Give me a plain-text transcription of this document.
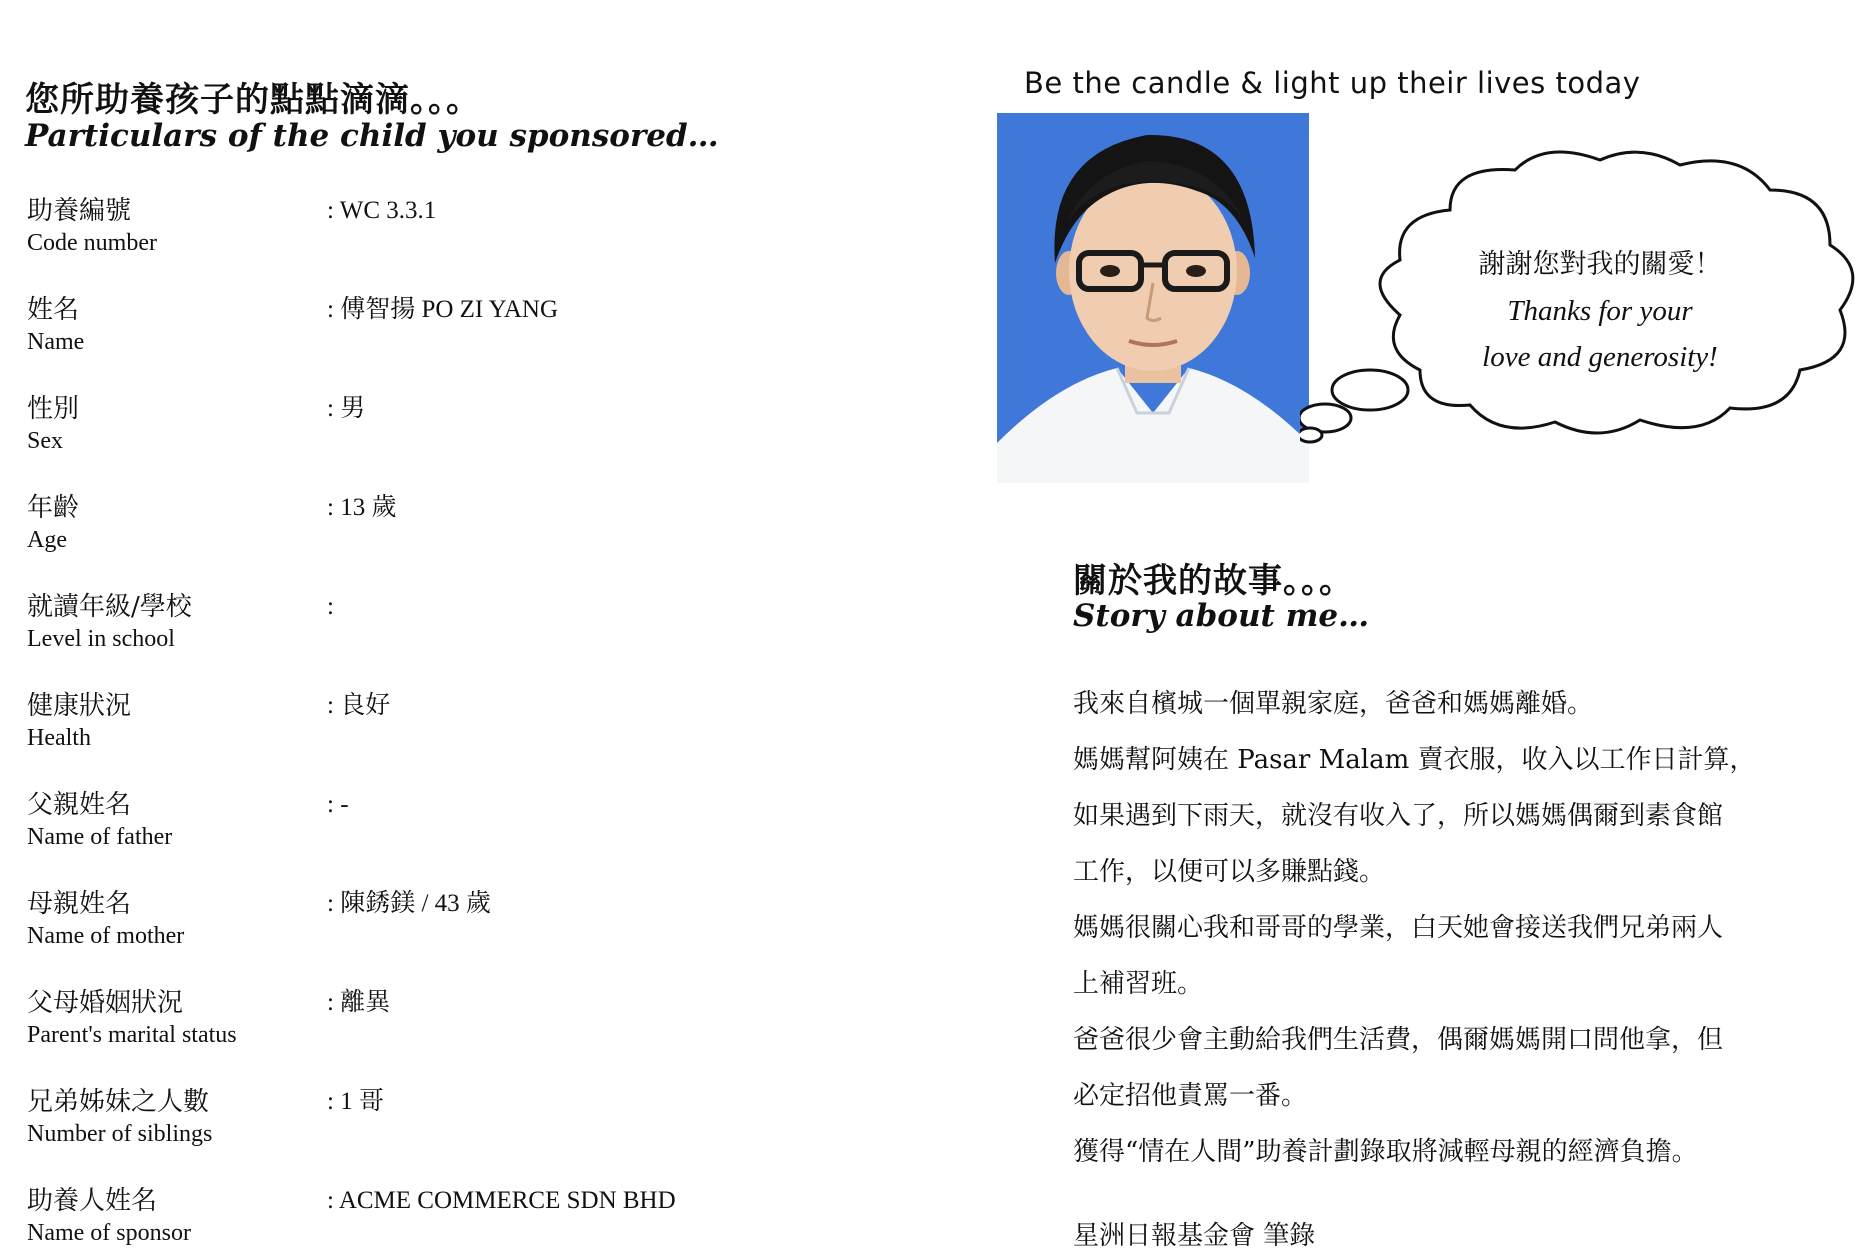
您所助養孩子的點點滴滴。。。
Particulars of the child you sponsored…
助養編號
Code number
: WC 3.3.1
姓名
Name
: 傅智揚 PO ZI YANG
性別
Sex
: 男
年齡
Age
: 13 歲
就讀年級/學校
Level in school
:
健康狀況
Health
: 良好
父親姓名
Name of father
: -
母親姓名
Name of mother
: 陳銹鎂 / 43 歲
父母婚姻狀況
Parent's marital status
: 離異
兄弟姊妹之人數
Number of siblings
: 1 哥
助養人姓名
Name of sponsor
: ACME COMMERCE SDN BHD
Be the candle & light up their lives today
謝謝您對我的關愛！
Thanks for your
love and generosity!
關於我的故事。。。
Story about me…
我來自檳城一個單親家庭，爸爸和媽媽離婚。
媽媽幫阿姨在 Pasar Malam 賣衣服，收入以工作日計算，
如果遇到下雨天，就沒有收入了，所以媽媽偶爾到素食館
工作，以便可以多賺點錢。
媽媽很關心我和哥哥的學業，白天她會接送我們兄弟兩人
上補習班。
爸爸很少會主動給我們生活費，偶爾媽媽開口問他拿，但
必定招他責罵一番。
獲得“情在人間”助養計劃錄取將減輕母親的經濟負擔。
星洲日報基金會 筆錄
